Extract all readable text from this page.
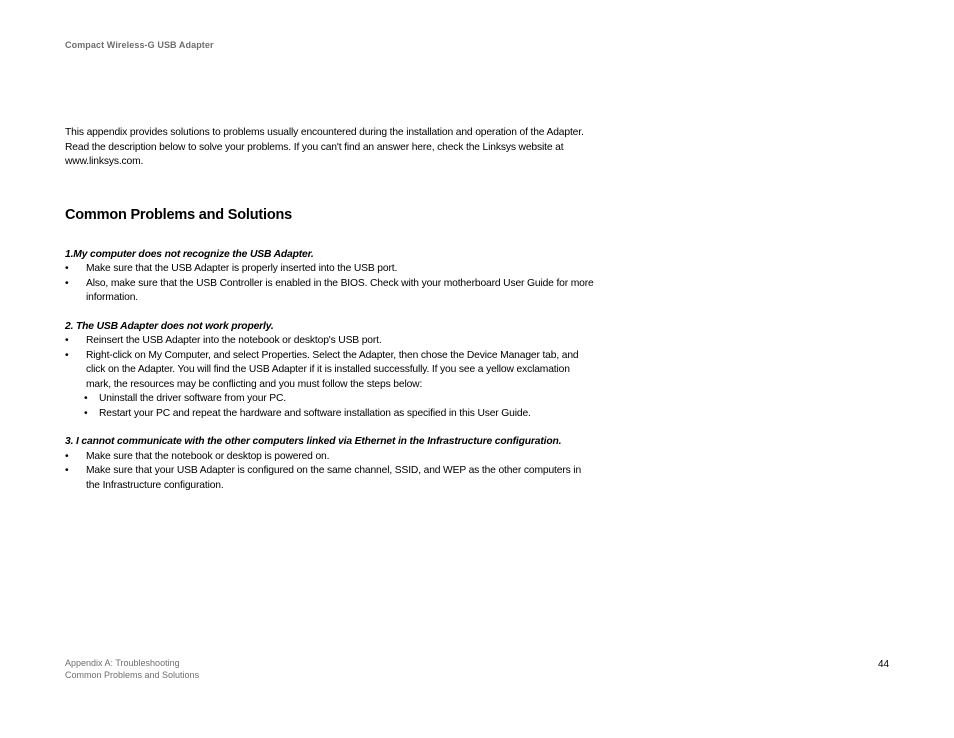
Compact Wireless-G USB Adapter

This appendix provides solutions to problems usually encountered during the installation and operation of the Adapter. Read the description below to solve your problems. If you can't find an answer here, check the Linksys website at www.linksys.com.

Common Problems and Solutions

1.My computer does not recognize the USB Adapter.

• Make sure that the USB Adapter is properly inserted into the USB port.
• Also, make sure that the USB Controller is enabled in the BIOS. Check with your motherboard User Guide for more information.

2. The USB Adapter does not work properly.

• Reinsert the USB Adapter into the notebook or desktop's USB port.
• Right-click on My Computer, and select Properties. Select the Adapter, then chose the Device Manager tab, and click on the Adapter. You will find the USB Adapter if it is installed successfully. If you see a yellow exclamation mark, the resources may be conflicting and you must follow the steps below:
• Uninstall the driver software from your PC.
• Restart your PC and repeat the hardware and software installation as specified in this User Guide.

3. I cannot communicate with the other computers linked via Ethernet in the Infrastructure configuration.

• Make sure that the notebook or desktop is powered on.
• Make sure that your USB Adapter is configured on the same channel, SSID, and WEP as the other computers in the Infrastructure configuration.
Appendix A: Troubleshooting
Common Problems and Solutions
44
